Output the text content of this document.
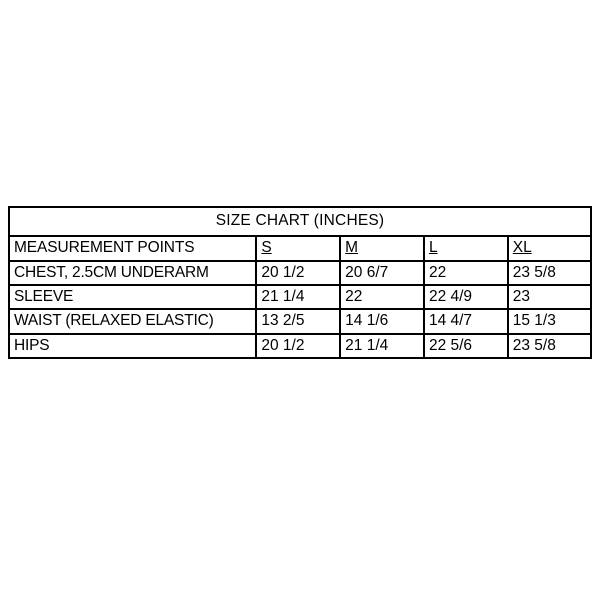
SIZE CHART (INCHES)				
MEASUREMENT POINTS	S	M	L	XL
CHEST, 2.5CM UNDERARM	20 1/2	20 6/7	22	23 5/8
SLEEVE	21 1/4	22	22 4/9	23
WAIST (RELAXED ELASTIC)	13 2/5	14 1/6	14 4/7	15 1/3
HIPS	20 1/2	21 1/4	22 5/6	23 5/8
